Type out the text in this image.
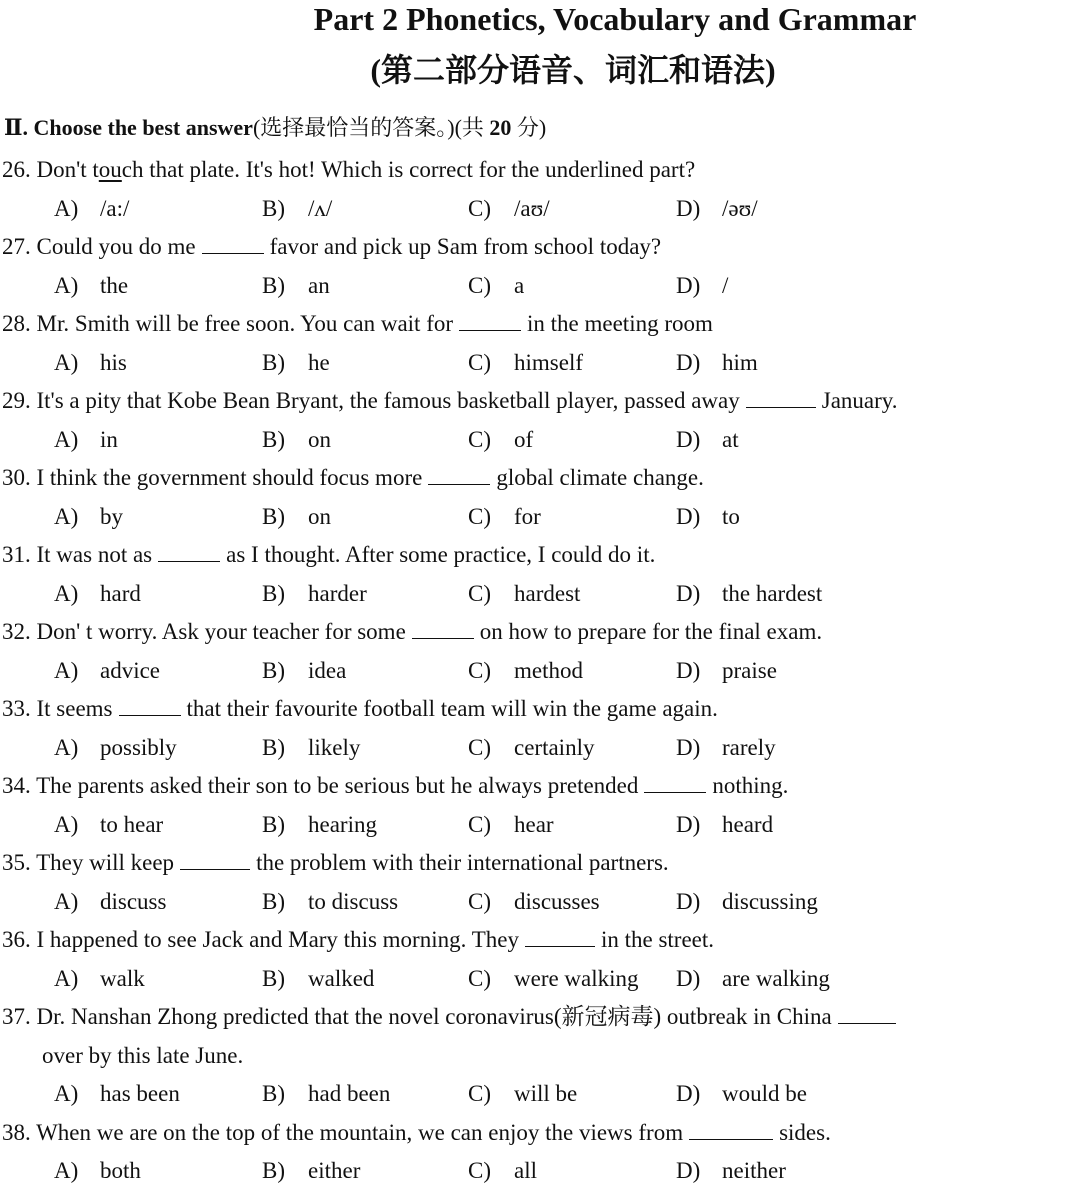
Part 2 Phonetics, Vocabulary and Grammar
(第二部分语音、词汇和语法)
Ⅱ. Choose the best answer(选择最恰当的答案。)(共 20 分)
26. Don't touch that plate. It's hot! Which is correct for the underlined part?
A) /a:/	B) /ʌ/	C) /aʊ/	D) /əʊ/
27. Could you do me	favor and pick up Sam from school today?
A) the	B) an	C) a	D) /
28. Mr. Smith will be free soon. You can wait for	in the meeting room
A) his	B) he	C) himself	D) him
29. It's a pity that Kobe Bean Bryant, the famous basketball player, passed away	January.
A) in	B) on	C) of	D) at
30. I think the government should focus more	global climate change.
A) by	B) on	C) for	D) to
31. It was not as	as I thought. After some practice, I could do it.
A) hard	B) harder	C) hardest	D) the hardest
32. Don' t worry. Ask your teacher for some	on how to prepare for the final exam.
A) advice	B) idea	C) method	D) praise
33. It seems	that their favourite football team will win the game again.
A) possibly	B) likely	C) certainly	D) rarely
34. The parents asked their son to be serious but he always pretended	nothing.
A) to hear	B) hearing	C) hear	D) heard
35. They will keep	the problem with their international partners.
A) discuss	B) to discuss	C) discusses	D) discussing
36. I happened to see Jack and Mary this morning. They	in the street.
A) walk	B) walked	C) were walking D) are walking
37. Dr. Nanshan Zhong predicted that the novel coronavirus(新冠病毒) outbreak in China
over by this late June.
A) has been	B) had been	C) will be	D) would be
38. When we are on the top of the mountain, we can enjoy the views from	sides.
A) both	B) either	C) all	D) neither
